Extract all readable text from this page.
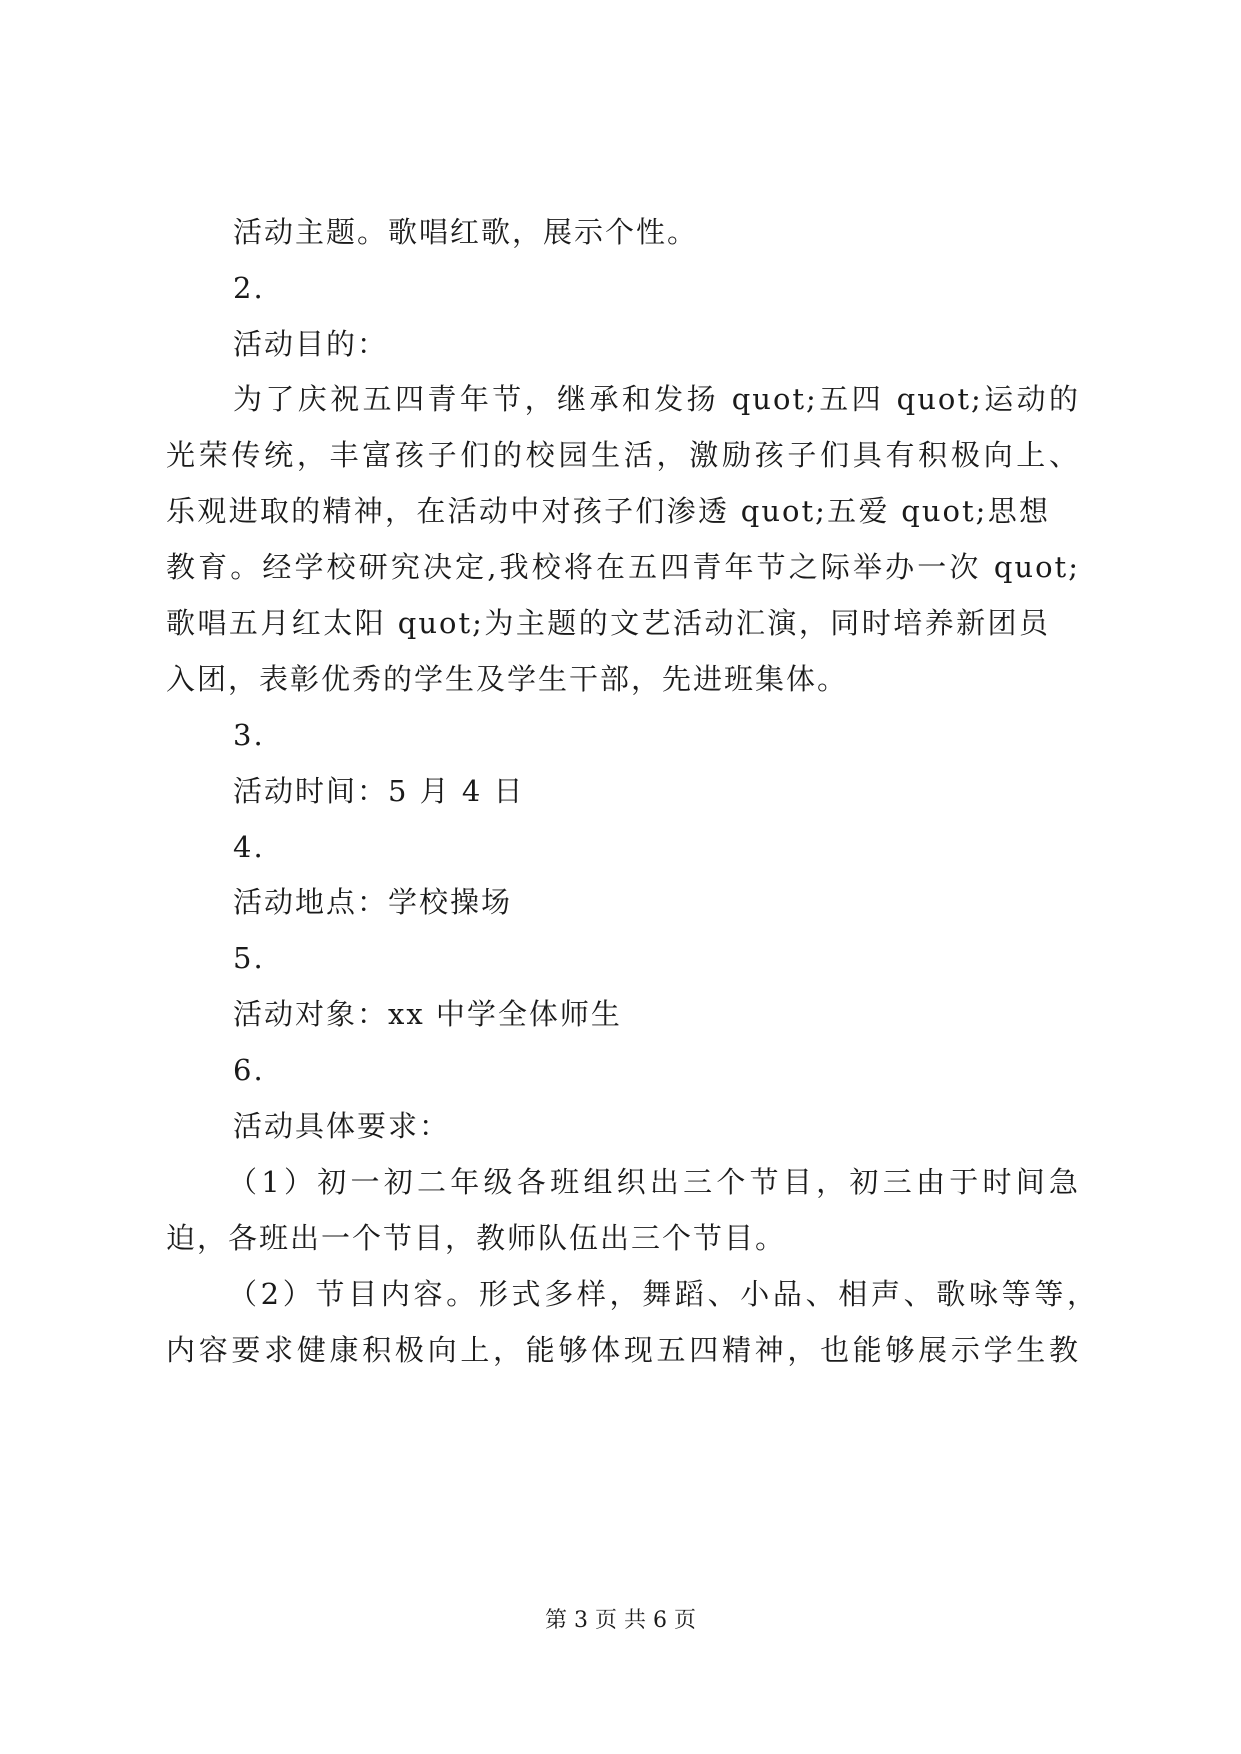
活动主题。歌唱红歌，展示个性。
2.
活动目的：
为了庆祝五四青年节，继承和发扬 quot;五四 quot;运动的
光荣传统，丰富孩子们的校园生活，激励孩子们具有积极向上、
乐观进取的精神，在活动中对孩子们渗透 quot;五爱 quot;思想
教育。经学校研究决定,我校将在五四青年节之际举办一次 quot;
歌唱五月红太阳 quot;为主题的文艺活动汇演，同时培养新团员
入团，表彰优秀的学生及学生干部，先进班集体。
3.
活动时间：5 月 4 日
4.
活动地点：学校操场
5.
活动对象：xx 中学全体师生
6.
活动具体要求：
（1）初一初二年级各班组织出三个节目，初三由于时间急
迫，各班出一个节目，教师队伍出三个节目。
（2）节目内容。形式多样，舞蹈、小品、相声、歌咏等等，
内容要求健康积极向上，能够体现五四精神，也能够展示学生教
第 3 页 共 6 页
